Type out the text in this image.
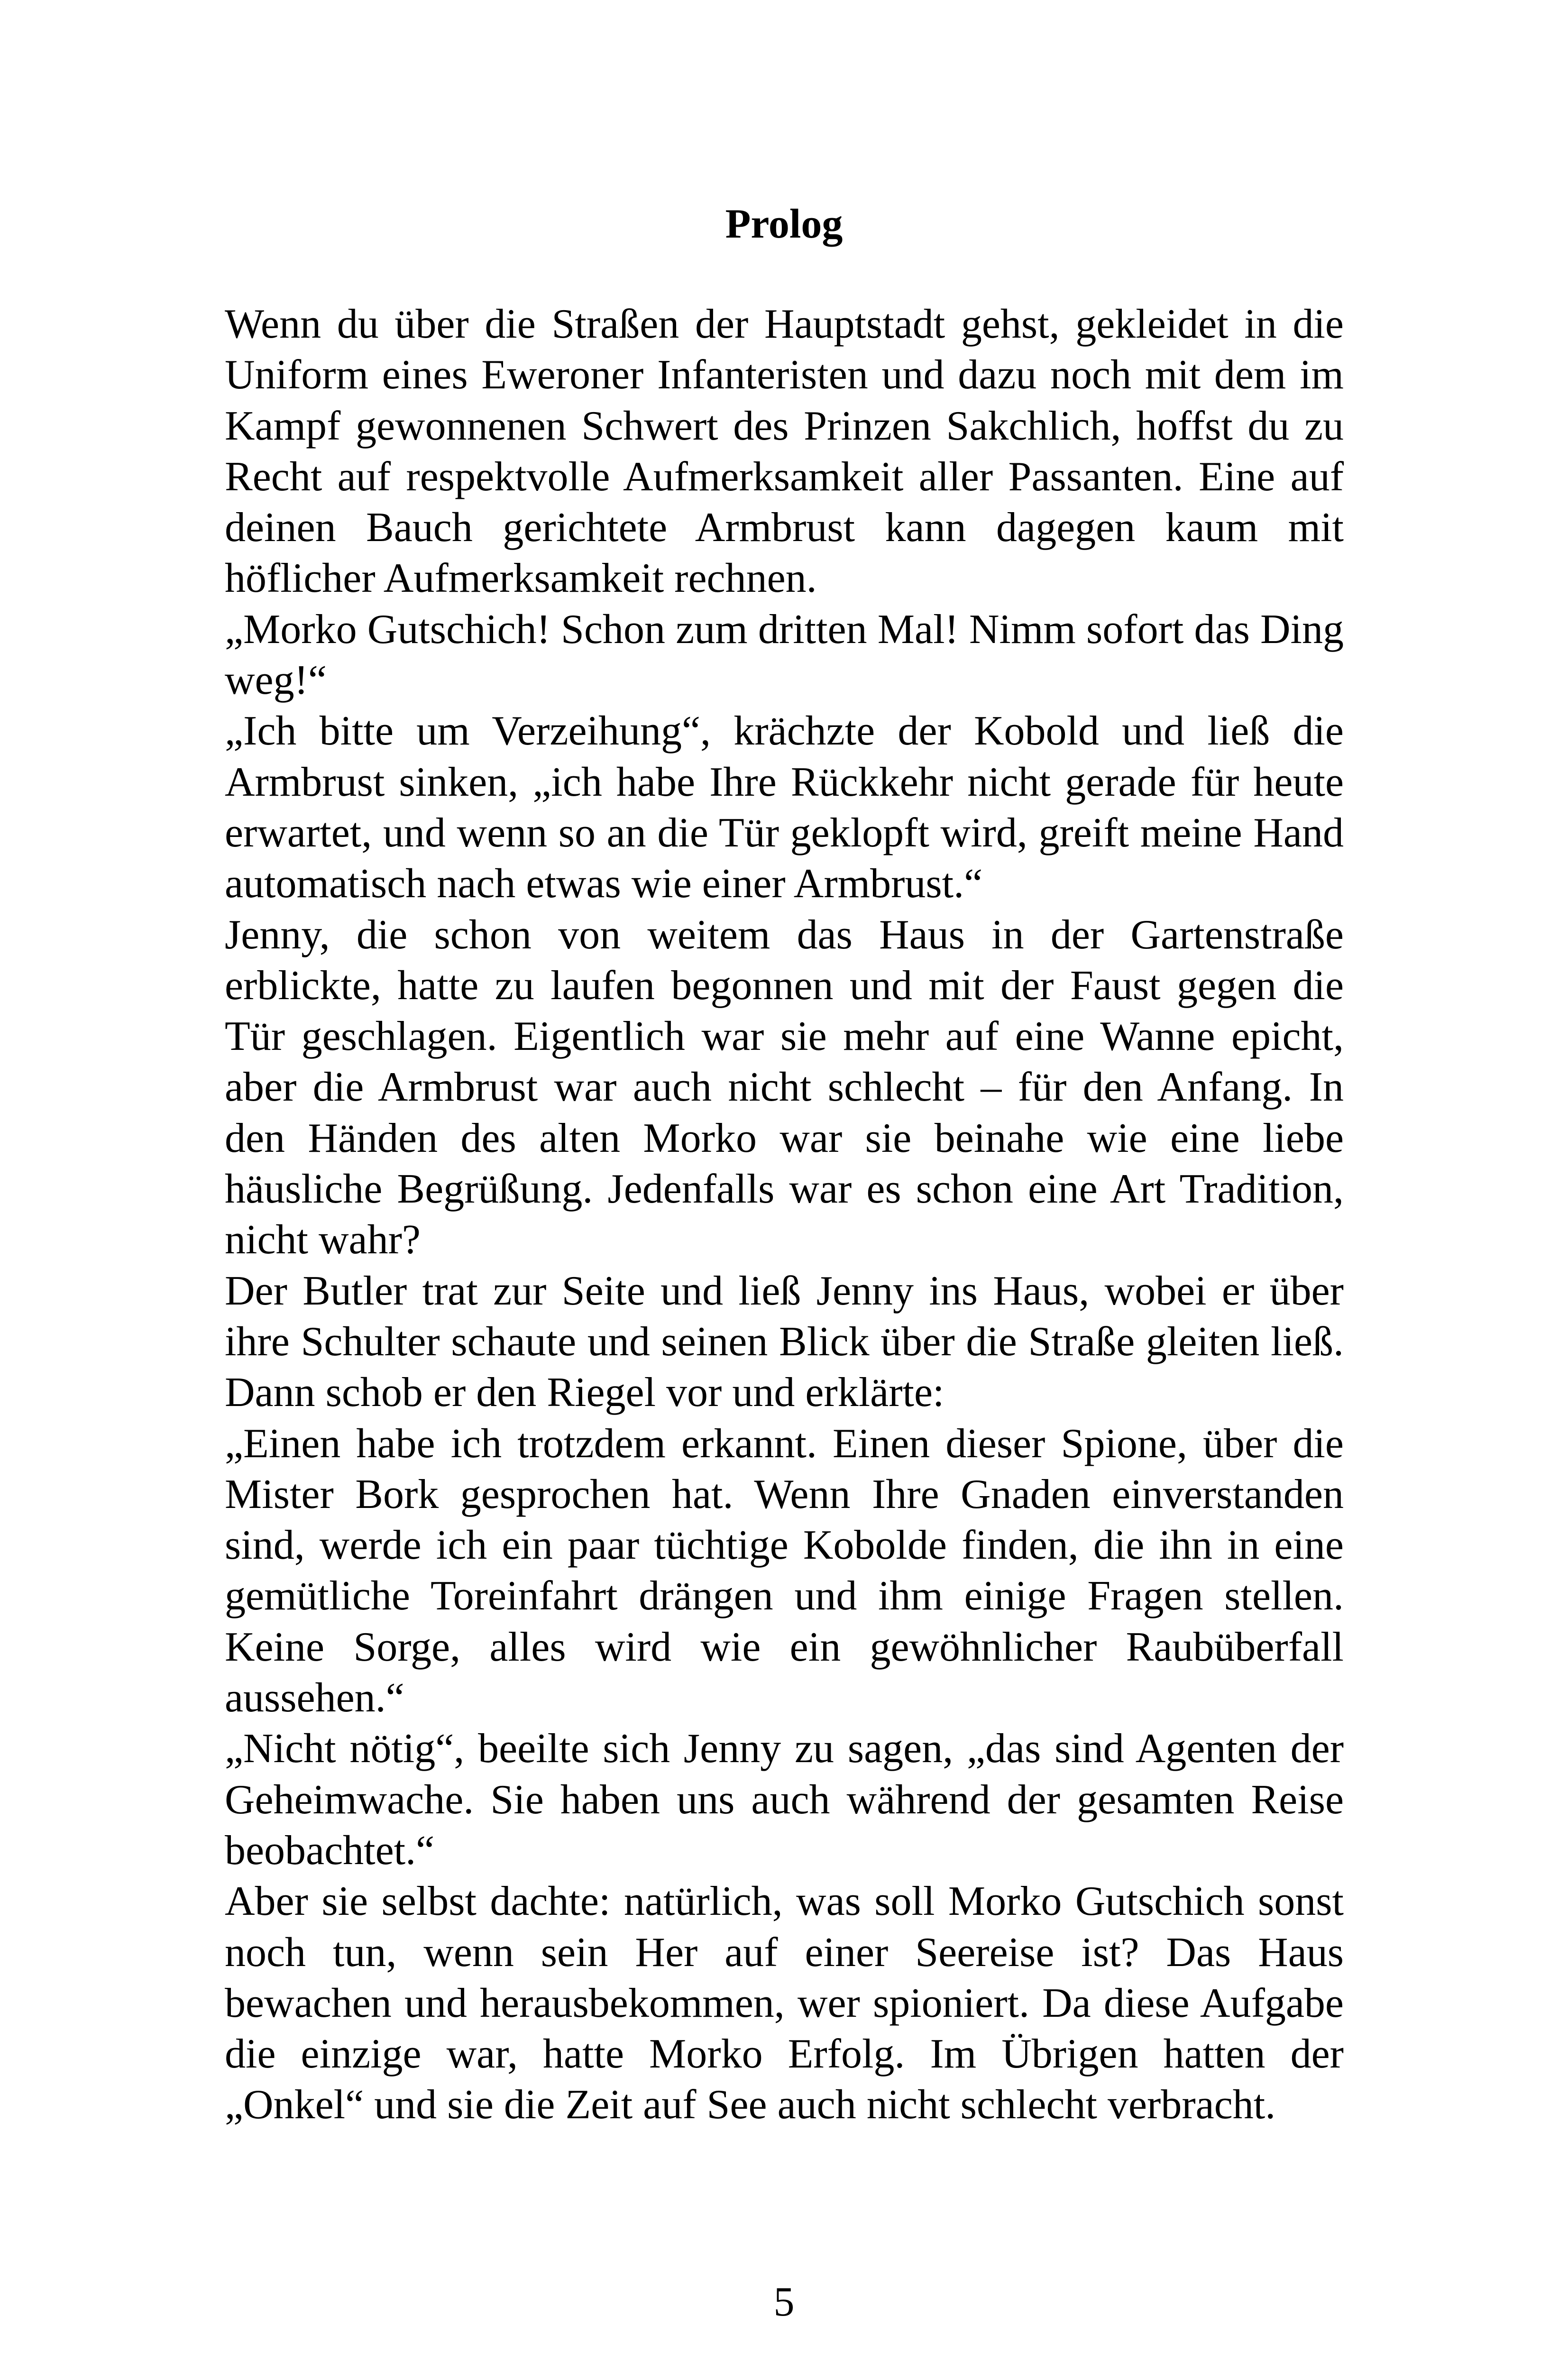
Prolog

Wenn du über die Straßen der Hauptstadt gehst, gekleidet in die Uniform eines Eweroner Infanteristen und dazu noch mit dem im Kampf gewonnenen Schwert des Prinzen Sakchlich, hoffst du zu Recht auf respektvolle Aufmerksamkeit aller Passanten. Eine auf deinen Bauch gerichtete Armbrust kann dagegen kaum mit höflicher Aufmerksamkeit rechnen.

„Morko Gutschich! Schon zum dritten Mal! Nimm sofort das Ding weg!“

„Ich bitte um Verzeihung“, krächzte der Kobold und ließ die Armbrust sinken, „ich habe Ihre Rückkehr nicht gerade für heute erwartet, und wenn so an die Tür geklopft wird, greift meine Hand automatisch nach etwas wie einer Armbrust.“

Jenny, die schon von weitem das Haus in der Gartenstraße erblickte, hatte zu laufen begonnen und mit der Faust gegen die Tür geschlagen. Eigentlich war sie mehr auf eine Wanne epicht, aber die Armbrust war auch nicht schlecht – für den Anfang. In den Händen des alten Morko war sie beinahe wie eine liebe häusliche Begrüßung. Jedenfalls war es schon eine Art Tradition, nicht wahr?

Der Butler trat zur Seite und ließ Jenny ins Haus, wobei er über ihre Schulter schaute und seinen Blick über die Straße gleiten ließ. Dann schob er den Riegel vor und erklärte:

„Einen habe ich trotzdem erkannt. Einen dieser Spione, über die Mister Bork gesprochen hat. Wenn Ihre Gnaden einverstanden sind, werde ich ein paar tüchtige Kobolde finden, die ihn in eine gemütliche Toreinfahrt drängen und ihm einige Fragen stellen. Keine Sorge, alles wird wie ein gewöhnlicher Raubüberfall aussehen.“

„Nicht nötig“, beeilte sich Jenny zu sagen, „das sind Agenten der Geheimwache. Sie haben uns auch während der gesamten Reise beobachtet.“

Aber sie selbst dachte: natürlich, was soll Morko Gutschich sonst noch tun, wenn sein Her auf einer Seereise ist? Das Haus bewachen und herausbekommen, wer spioniert. Da diese Aufgabe die einzige war, hatte Morko Erfolg. Im Übrigen hatten der „Onkel“ und sie die Zeit auf See auch nicht schlecht verbracht.

5
